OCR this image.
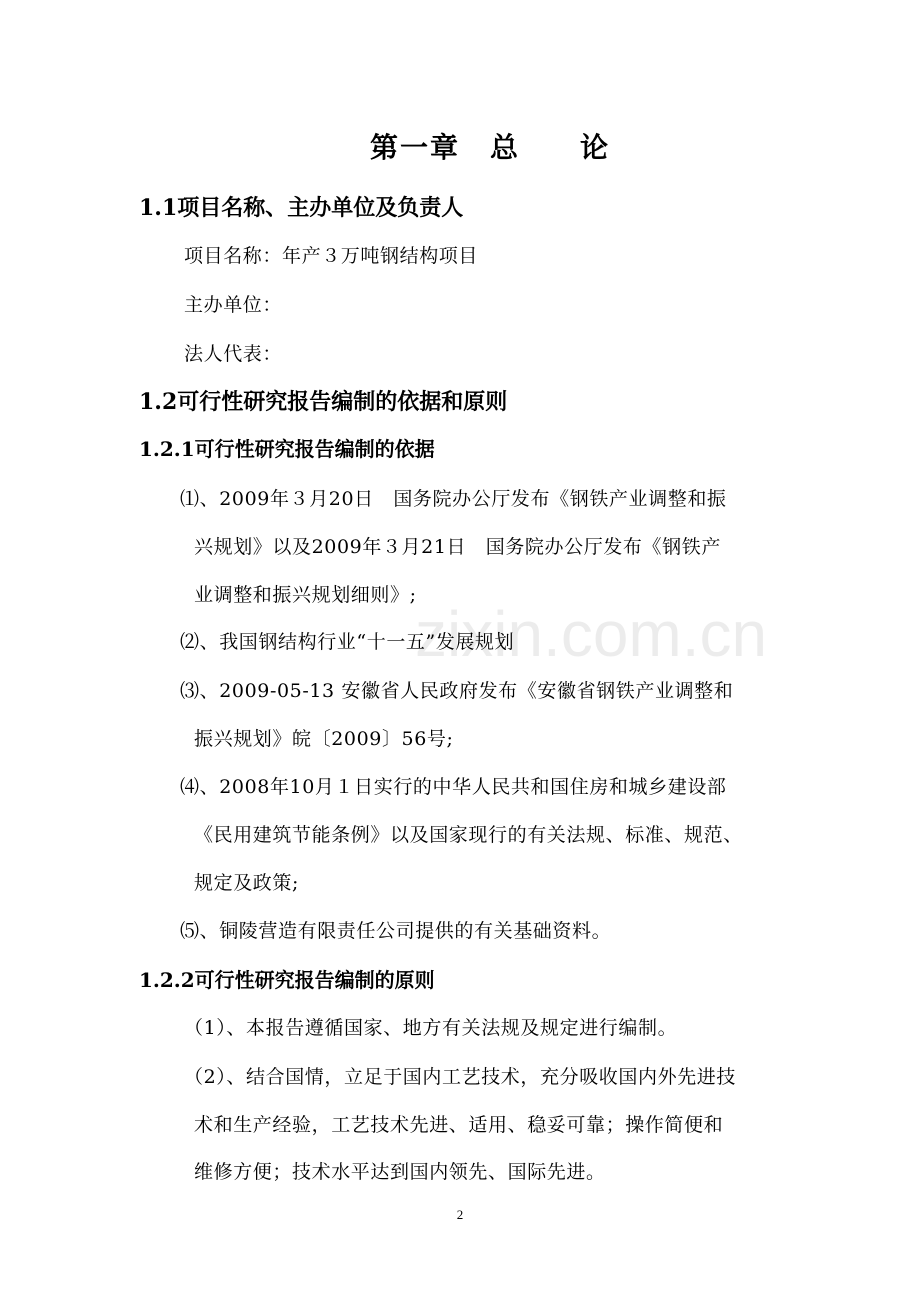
第一章　总　　论
1.1项目名称、主办单位及负责人
项目名称：年产３万吨钢结构项目
主办单位：
法人代表：
1.2可行性研究报告编制的依据和原则
1.2.1可行性研究报告编制的依据
⑴、2009年３月20日　国务院办公厅发布《钢铁产业调整和振
兴规划》以及2009年３月21日　国务院办公厅发布《钢铁产
业调整和振兴规划细则》;
⑵、我国钢结构行业“十一五”发展规划
⑶、2009-05-13 安徽省人民政府发布《安徽省钢铁产业调整和
振兴规划》皖〔2009〕56号;
⑷、2008年10月１日实行的中华人民共和国住房和城乡建设部
《民用建筑节能条例》以及国家现行的有关法规、标准、规范、
规定及政策;
⑸、铜陵营造有限责任公司提供的有关基础资料。
1.2.2可行性研究报告编制的原则
（1）、本报告遵循国家、地方有关法规及规定进行编制。
（2）、结合国情，立足于国内工艺技术，充分吸收国内外先进技
术和生产经验，工艺技术先进、适用、稳妥可靠；操作简便和
维修方便；技术水平达到国内领先、国际先进。
zixin.com.cn
2
